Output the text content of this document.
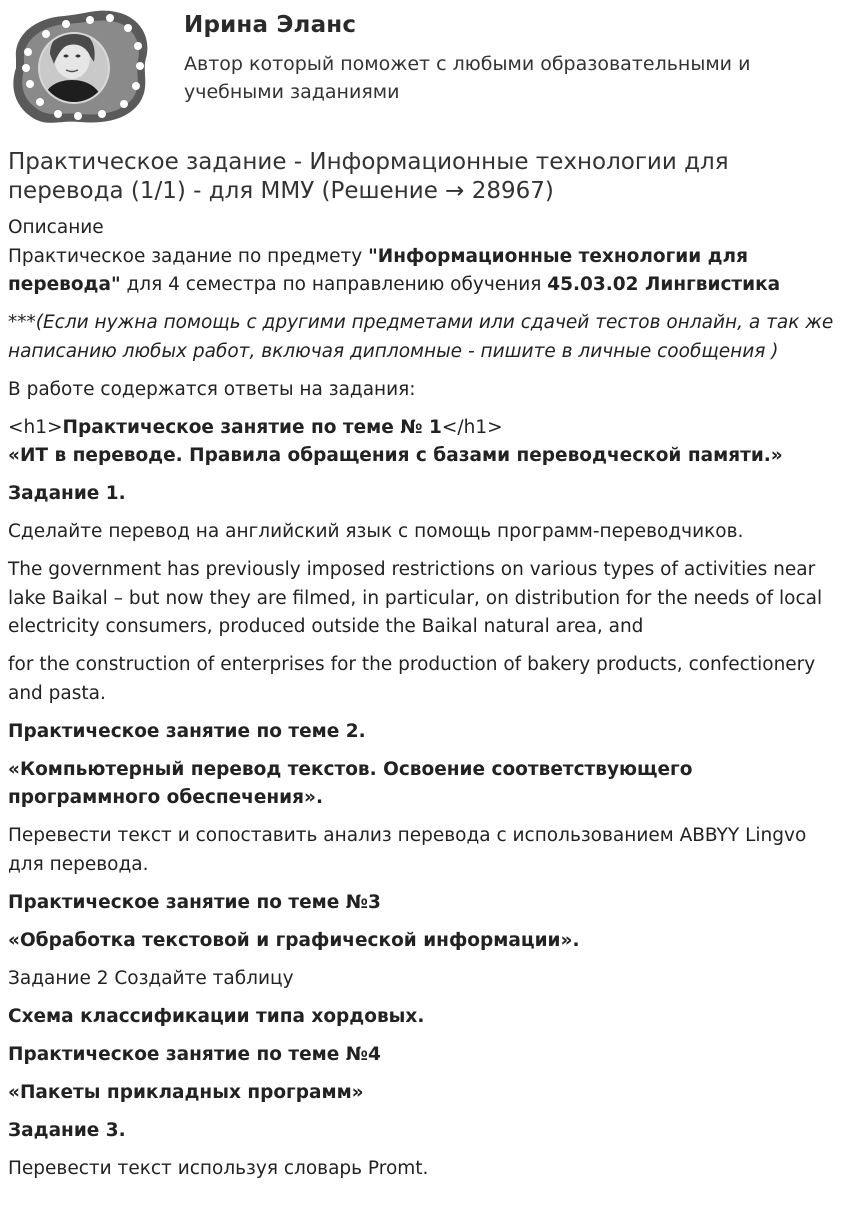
Ирина Эланс
Автор который поможет с любыми образовательными и учебными заданиями
Практическое задание - Информационные технологии для перевода (1/1) - для ММУ (Решение → 28967)

Описание

Практическое задание по предмету "Информационные технологии для перевода" для 4 семестра по направлению обучения 45.03.02 Лингвистика

***(Если нужна помощь с другими предметами или сдачей тестов онлайн, а так же написанию любых работ, включая дипломные - пишите в личные сообщения )

В работе содержатся ответы на задания:

<h1>Практическое занятие по теме № 1</h1>

«ИТ в переводе. Правила обращения с базами переводческой памяти.»

Задание 1.

Сделайте перевод на английский язык с помощь программ-переводчиков.

The government has previously imposed restrictions on various types of activities near lake Baikal – but now they are filmed, in particular, on distribution for the needs of local electricity consumers, produced outside the Baikal natural area, and

for the construction of enterprises for the production of bakery products, confectionery and pasta.

Практическое занятие по теме 2.

«Компьютерный перевод текстов. Освоение соответствующего программного обеспечения».

Перевести текст и сопоставить анализ перевода с использованием ABBYY Lingvo для перевода.

Практическое занятие по теме №3

«Обработка текстовой и графической информации».

Задание 2 Создайте таблицу

Схема классификации типа хордовых.

Практическое занятие по теме №4

«Пакеты прикладных программ»

Задание 3.

Перевести текст используя словарь Promt.
